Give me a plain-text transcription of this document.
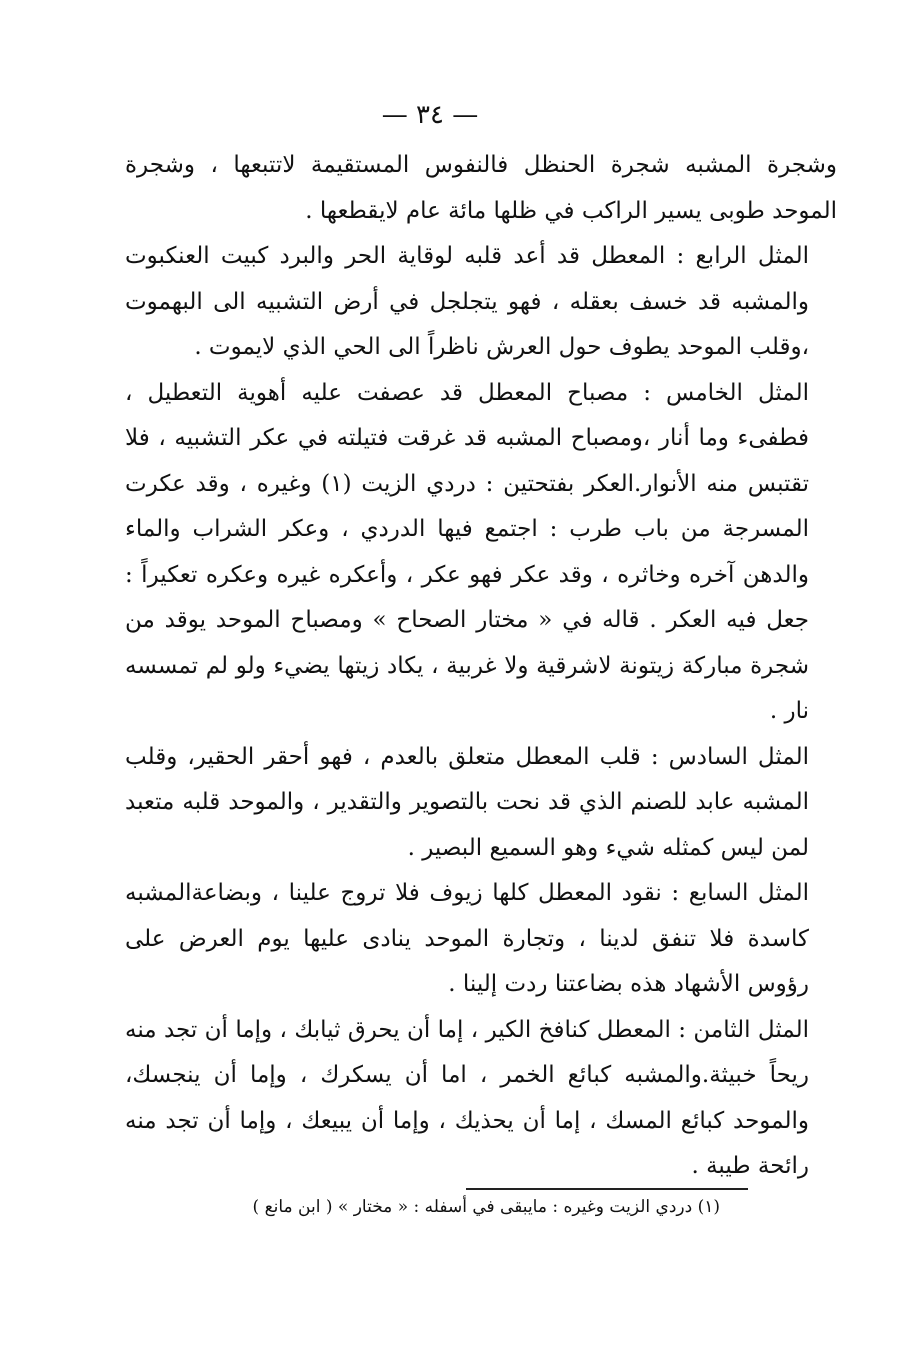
— ٣٤ —

وشجرة المشبه شجرة الحنظل فالنفوس المستقيمة لاتتبعها ، وشجرة الموحد طوبى يسير الراكب في ظلها مائة عام لايقطعها .

المثل الرابع : المعطل قد أعد قلبه لوقاية الحر والبرد كبيت العنكبوت والمشبه قد خسف بعقله ، فهو يتجلجل في أرض التشبيه الى البهموت ،وقلب الموحد يطوف حول العرش ناظراً الى الحي الذي لايموت .

المثل الخامس : مصباح المعطل قد عصفت عليه أهوية التعطيل ، فطفىء وما أنار ،ومصباح المشبه قد غرقت فتيلته في عكر التشبيه ، فلا تقتبس منه الأنوار.العكر بفتحتين : دردي الزيت (١) وغيره ، وقد عكرت المسرجة من باب طرب : اجتمع فيها الدردي ، وعكر الشراب والماء والدهن آخره وخاثره ، وقد عكر فهو عكر ، وأعكره غيره وعكره تعكيراً : جعل فيه العكر . قاله في « مختار الصحاح » ومصباح الموحد يوقد من شجرة مباركة زيتونة لاشرقية ولا غربية ، يكاد زيتها يضيء ولو لم تمسسه نار .

المثل السادس : قلب المعطل متعلق بالعدم ، فهو أحقر الحقير، وقلب المشبه عابد للصنم الذي قد نحت بالتصوير والتقدير ، والموحد قلبه متعبد لمن ليس كمثله شيء وهو السميع البصير .

المثل السابع : نقود المعطل كلها زيوف فلا تروج علينا ، وبضاعةالمشبه كاسدة فلا تنفق لدينا ، وتجارة الموحد ينادى عليها يوم العرض على رؤوس الأشهاد هذه بضاعتنا ردت إلينا .

المثل الثامن : المعطل كنافخ الكير ، إما أن يحرق ثيابك ، وإما أن تجد منه ريحاً خبيثة.والمشبه كبائع الخمر ، اما أن يسكرك ، وإما أن ينجسك، والموحد كبائع المسك ، إما أن يحذيك ، وإما أن يبيعك ، وإما أن تجد منه رائحة طيبة .

(١) دردي الزيت وغيره : مايبقى في أسفله : « مختار » ( ابن مانع )
